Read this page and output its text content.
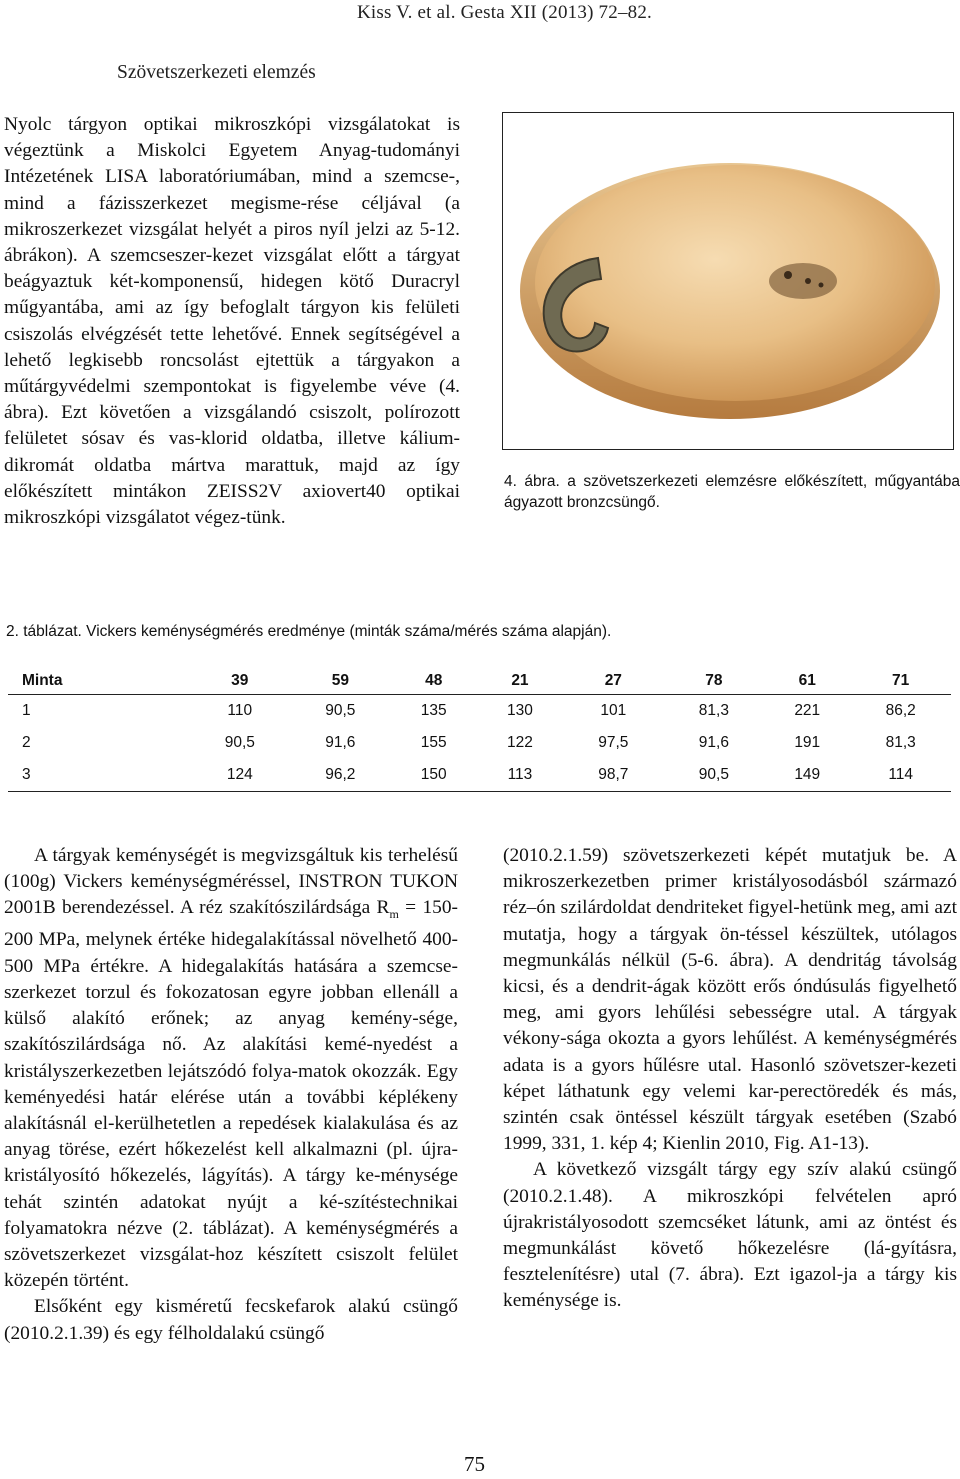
Kiss V. et al. Gesta XII (2013) 72–82.
Szövetszerkezeti elemzés

Nyolc tárgyon optikai mikroszkópi vizsgálatokat is végeztünk a Miskolci Egyetem Anyag-tudományi Intézetének LISA laboratóriumában, mind a szemcse-, mind a fázisszerkezet megisme-rése céljával (a mikroszerkezet vizsgálat helyét a piros nyíl jelzi az 5-12. ábrákon). A szemcseszer-kezet vizsgálat előtt a tárgyat beágyaztuk két-komponensű, hidegen kötő Duracryl műgyantába, ami az így befoglalt tárgyon kis felületi csiszolás elvégzését tette lehetővé. Ennek segítségével a lehető legkisebb roncsolást ejtettük a tárgyakon a műtárgyvédelmi szempontokat is figyelembe véve (4. ábra). Ezt követően a vizsgálandó csiszolt, polírozott felületet sósav és vas-klorid oldatba, illetve kálium-dikromát oldatba mártva marattuk, majd az így előkészített mintákon ZEISS2V axiovert40 optikai mikroszkópi vizsgálatot végez-tünk.

4. ábra. a szövetszerkezeti elemzésre előkészített, műgyantába ágyazott bronzcsüngő.
2. táblázat. Vickers keménységmérés eredménye (minták száma/mérés száma alapján).
Minta	39	59	48	21	27	78	61	71
1	110	90,5	135	130	101	81,3	221	86,2
2	90,5	91,6	155	122	97,5	91,6	191	81,3
3	124	96,2	150	113	98,7	90,5	149	114

A tárgyak keménységét is megvizsgáltuk kis terhelésű (100g) Vickers keménységméréssel, INSTRON TUKON 2001B berendezéssel. A réz szakítószilárdsága $R_m = 150-200$ MPa, melynek értéke hidegalakítással növelhető 400-500 MPa értékre. A hidegalakítás hatására a szemcse-szerkezet torzul és fokozatosan egyre jobban ellenáll a külső alakító erőnek; az anyag kemény-sége, szakítószilárdsága nő. Az alakítási kemé-nyedést a kristályszerkezetben lejátszódó folya-matok okozzák. Egy keményedési határ elérése után a további képlékeny alakításnál el-kerülhetetlen a repedések kialakulása és az anyag törése, ezért hőkezelést kell alkalmazni (pl. újra-kristályosító hőkezelés, lágyítás). A tárgy ke-ménysége tehát szintén adatokat nyújt a ké-szítéstechnikai folyamatokra nézve (2. táblázat). A keménységmérés a szövetszerkezet vizsgálat-hoz készített csiszolt felület közepén történt.

Elsőként egy kisméretű fecskefarok alakú csüngő (2010.2.1.39) és egy félholdalakú csüngő

(2010.2.1.59) szövetszerkezeti képét mutatjuk be. A mikroszerkezetben primer kristályosodásból származó réz–ón szilárdoldat dendriteket figyel-hetünk meg, ami azt mutatja, hogy a tárgyak ön-téssel készültek, utólagos megmunkálás nélkül (5-6. ábra). A dendritág távolság kicsi, és a dendrit-ágak között erős óndúsulás figyelhető meg, ami gyors lehűlési sebességre utal. A tárgyak vékony-sága okozta a gyors lehűlést. A keménységmérés adata is a gyors hűlésre utal. Hasonló szövetszer-kezeti képet láthatunk egy velemi kar-perectöredék és más, szintén csak öntéssel készült tárgyak esetében (Szabó 1999, 331, 1. kép 4; Kienlin 2010, Fig. A1-13).

A következő vizsgált tárgy egy szív alakú csüngő (2010.2.1.48). A mikroszkópi felvételen apró újrakristályosodott szemcséket látunk, ami az öntést és megmunkálást követő hőkezelésre (lá-gyításra, fesztelenítésre) utal (7. ábra). Ezt igazol-ja a tárgy kis keménysége is.

75
